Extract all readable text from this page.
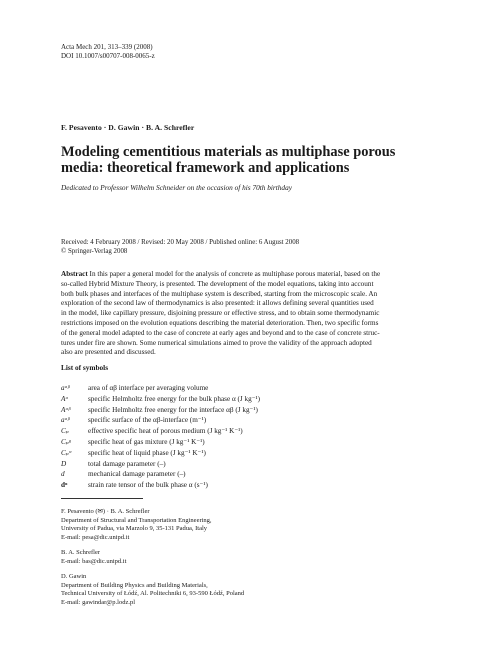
Acta Mech 201, 313–339 (2008)
DOI 10.1007/s00707-008-0065-z
F. Pesavento · D. Gawin · B. A. Schrefler
Modeling cementitious materials as multiphase porous
media: theoretical framework and applications
Dedicated to Professor Wilhelm Schneider on the occasion of his 70th birthday
Received: 4 February 2008 / Revised: 20 May 2008 / Published online: 6 August 2008
© Springer-Verlag 2008
Abstract In this paper a general model for the analysis of concrete as multiphase porous material, based on the
so-called Hybrid Mixture Theory, is presented. The development of the model equations, taking into account
both bulk phases and interfaces of the multiphase system is described, starting from the microscopic scale. An
exploration of the second law of thermodynamics is also presented: it allows defining several quantities used
in the model, like capillary pressure, disjoining pressure or effective stress, and to obtain some thermodynamic
restrictions imposed on the evolution equations describing the material deterioration. Then, two specific forms
of the general model adapted to the case of concrete at early ages and beyond and to the case of concrete struc-
tures under fire are shown. Some numerical simulations aimed to prove the validity of the approach adopted
also are presented and discussed.
List of symbols
aᵅᵝ	area of αβ interface per averaging volume
Aᵅ	specific Helmholtz free energy for the bulk phase α (J kg⁻¹)
Aᵅᵝ	specific Helmholtz free energy for the interface αβ (J kg⁻¹)
aᵅᵝ	specific surface of the αβ-interface (m⁻¹)
Cₚ	effective specific heat of porous medium (J kg⁻¹ K⁻¹)
Cₚᵍ	specific heat of gas mixture (J kg⁻¹ K⁻¹)
Cₚʷ	specific heat of liquid phase (J kg⁻¹ K⁻¹)
D	total damage parameter (–)
d	mechanical damage parameter (–)
dᵅ	strain rate tensor of the bulk phase α (s⁻¹)
F. Pesavento (✉) · B. A. Schrefler
Department of Structural and Transportation Engineering,
University of Padua, via Marzolo 9, 35-131 Padua, Italy
E-mail: pesa@dic.unipd.it
B. A. Schrefler
E-mail: bas@dic.unipd.it
D. Gawin
Department of Building Physics and Building Materials,
Technical University of Łódź, Al. Politechniki 6, 93-590 Łódź, Poland
E-mail: gawindar@p.lodz.pl
